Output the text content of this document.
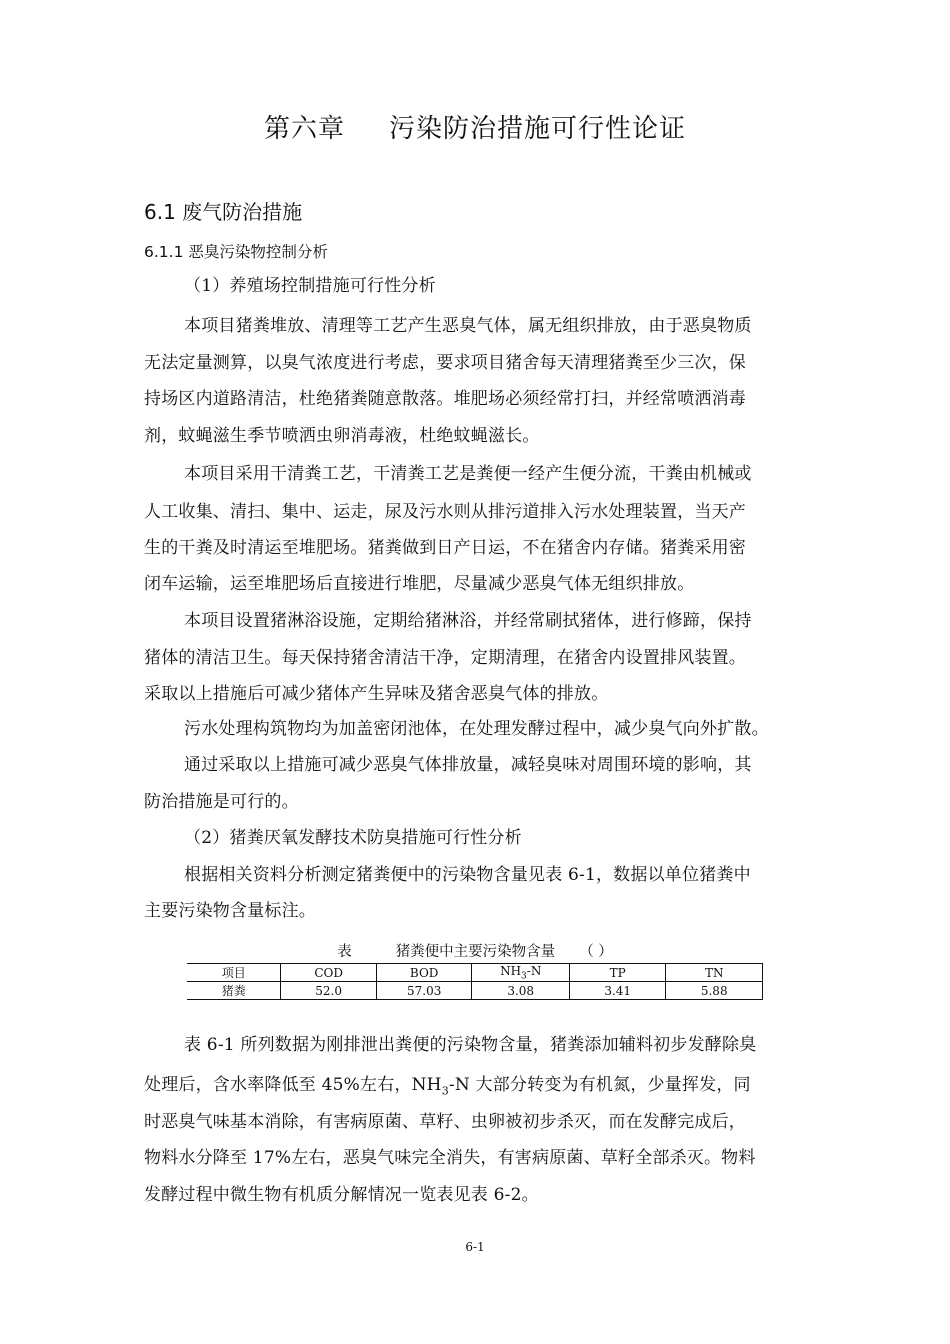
第六章 污染防治措施可行性论证
6.1 废气防治措施
6.1.1 恶臭污染物控制分析
（1）养殖场控制措施可行性分析
本项目猪粪堆放、清理等工艺产生恶臭气体，属无组织排放，由于恶臭物质
无法定量测算，以臭气浓度进行考虑，要求项目猪舍每天清理猪粪至少三次，保
持场区内道路清洁，杜绝猪粪随意散落。堆肥场必须经常打扫，并经常喷洒消毒
剂，蚊蝇滋生季节喷洒虫卵消毒液，杜绝蚊蝇滋长。
本项目采用干清粪工艺，干清粪工艺是粪便一经产生便分流，干粪由机械或
人工收集、清扫、集中、运走，尿及污水则从排污道排入污水处理装置，当天产
生的干粪及时清运至堆肥场。猪粪做到日产日运，不在猪舍内存储。猪粪采用密
闭车运输，运至堆肥场后直接进行堆肥，尽量减少恶臭气体无组织排放。
本项目设置猪淋浴设施，定期给猪淋浴，并经常刷拭猪体，进行修蹄，保持
猪体的清洁卫生。每天保持猪舍清洁干净，定期清理，在猪舍内设置排风装置。
采取以上措施后可减少猪体产生异味及猪舍恶臭气体的排放。
污水处理构筑物均为加盖密闭池体，在处理发酵过程中，减少臭气向外扩散。
通过采取以上措施可减少恶臭气体排放量，减轻臭味对周围环境的影响，其
防治措施是可行的。
（2）猪粪厌氧发酵技术防臭措施可行性分析
根据相关资料分析测定猪粪便中的污染物含量见表 6-1，数据以单位猪粪中
主要污染物含量标注。
表	猪粪便中主要污染物含量 （ ）
项目	COD	BOD	$NH_3-N$	TP	TN
猪粪	52.0	57.03	3.08	3.41	5.88
表 6-1 所列数据为刚排泄出粪便的污染物含量，猪粪添加辅料初步发酵除臭
处理后，含水率降低至 45%左右，$NH_3-N$ 大部分转变为有机氮，少量挥发，同
时恶臭气味基本消除，有害病原菌、草籽、虫卵被初步杀灭，而在发酵完成后，
物料水分降至 17%左右，恶臭气味完全消失，有害病原菌、草籽全部杀灭。物料
发酵过程中微生物有机质分解情况一览表见表 6-2。
6-1
